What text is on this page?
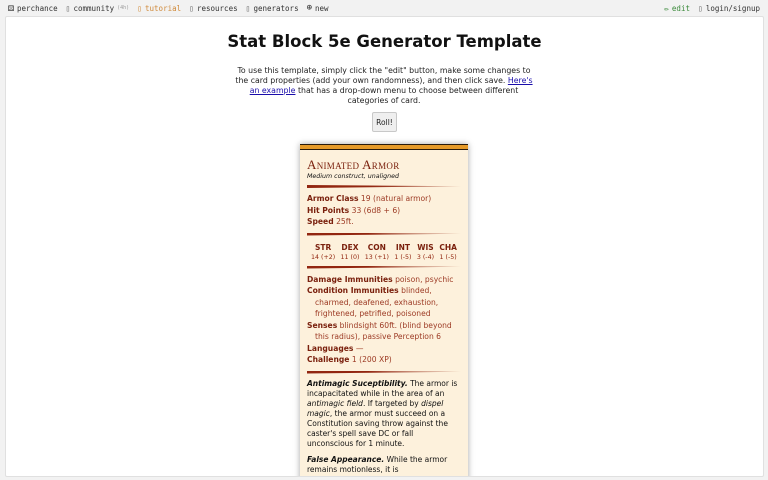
⚄ perchance ▯ community (4h) ▯ tutorial ▯ resources ▯ generators ⊕ new	✏ edit ▯ login/signup
Stat Block 5e Generator Template
To use this template, simply click the "edit" button, make some changes to the card properties (add your own randomness), and then click save. Here's an example that has a drop-down menu to choose between different categories of card.
Roll!
Animated Armor
Medium construct, unaligned
Armor Class 19 (natural armor)
Hit Points 33 (6d8 + 6)
Speed 25ft.
STR
14 (+2)
DEX
11 (0)
CON
13 (+1)
INT
1 (-5)
WIS
3 (-4)
CHA
1 (-5)
Damage Immunities poison, psychic
Condition Immunities blinded, charmed, deafened, exhaustion, frightened, petrified, poisoned
Senses blindsight 60ft. (blind beyond this radius), passive Perception 6
Languages —
Challenge 1 (200 XP)
Antimagic Suceptibility. The armor is incapacitated while in the area of an antimagic field. If targeted by dispel magic, the armor must succeed on a Constitution saving throw against the caster's spell save DC or fall unconscious for 1 minute.
False Appearance. While the armor remains motionless, it is
